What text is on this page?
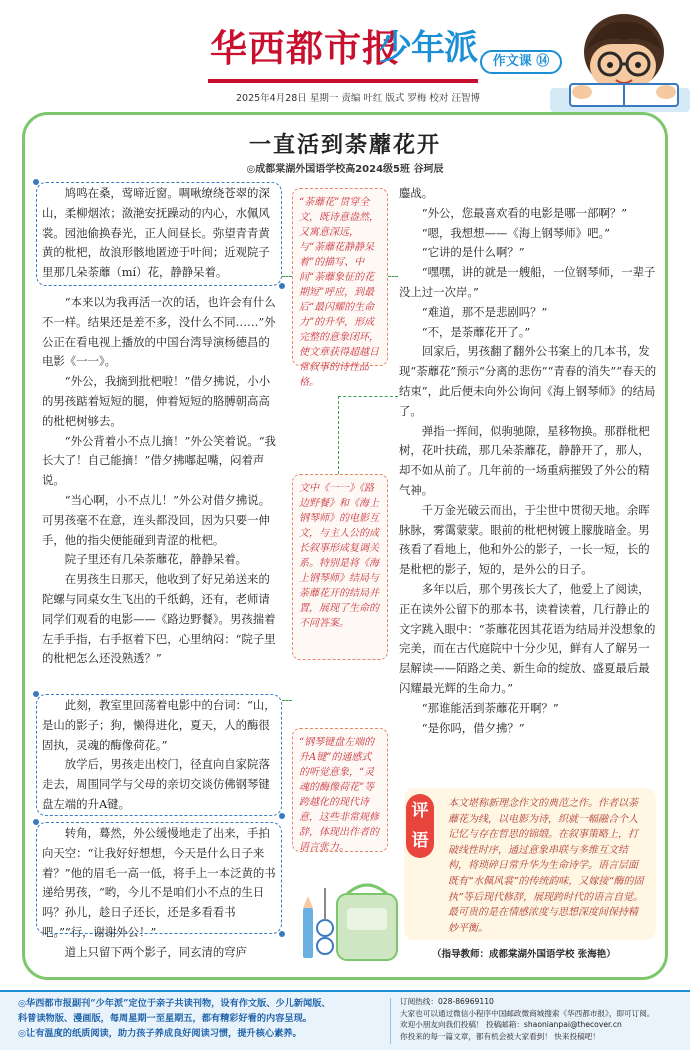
华西都市报
少年派	作文课 ⑭
2025年4月28日 星期一 责编 叶红 版式 罗梅 校对 汪智博
一直活到荼蘼花开
◎成都棠湖外国语学校高2024级5班 谷珂辰

鸠鸣在桑，莺啼近窗。啁啾缭绕苍翠的深山，柔柳烟浓；潋滟安抚躁动的内心，水佩风裳。园池偷换春光，正人间昼长。弥望青青黄黄的枇杷，故浪形骸地匿迹于叶间；近观院子里那几朵荼蘼（mí）花，静静呆着。

“本来以为我再活一次的话，也许会有什么不一样。结果还是差不多，没什么不同……”外公正在看电视上播放的中国台湾导演杨德昌的电影《一一》。

“外公，我摘到批杷啦！”借夕拂说，小小的男孩踮着短短的腿，伸着短短的胳膊朝高高的枇杷树够去。

“外公背着小不点儿摘！”外公笑着说。“我长大了！自己能摘！”借夕拂嘟起嘴，闷着声说。

“当心啊，小不点儿！”外公对借夕拂说。可男孩毫不在意，连头都没回，因为只要一伸手，他的指尖便能碰到青涩的枇杷。

院子里还有几朵荼蘼花，静静呆着。

在男孩生日那天，他收到了好兄弟送来的陀螺与同桌女生飞出的千纸鹤，还有，老师请同学们观看的电影——《路边野餐》。男孩揣着左手手指，右手抠着下巴，心里纳闷：“院子里的枇杷怎么还没熟透？”

此刻，教室里回荡着电影中的台词：“山，是山的影子；狗，懒得进化，夏天，人的酶很固执，灵魂的酶像荷花。”

放学后，男孩走出校门，径直向自家院落走去，周围同学与父母的亲切交谈仿佛钢琴键盘左端的升A键。

转角，蓦然，外公缓慢地走了出来，手拍向天空：“让我好好想想，今天是什么日子来着？”他的眉毛一高一低，将手上一本泛黄的书递给男孩，“哟，今儿不是咱们小不点的生日吗？孙儿，趁日子还长，还是多看看书吧。”“行，谢谢外公！”

道上只留下两个影子，同玄清的穹庐

“荼蘼花”贯穿全文，既诗意盎然，又寓意深远，与“荼蘼花静静呆着”的描写、中间“荼蘼象征的花期短”呼应，到最后“最闪耀的生命力”的升华，形成完整的意象闭环，使文章获得超越日常叙事的诗性品格。
文中《一一》《路边野餐》和《海上钢琴师》的电影互文，与主人公的成长叙事形成复调关系。特别是将《海上钢琴师》结局与荼蘼花开的结局并置，展现了生命的不同答案。
“钢琴键盘左端的升A键”的通感式的听觉意象，“灵魂的酶像荷花”等跨越化的现代诗意，这些非常规修辞，体现出作者的语言张力。

鏖战。

“外公，您最喜欢看的电影是哪一部啊？”

“嗯，我想想——《海上钢琴师》吧。”

“它讲的是什么啊？”

“嘿嘿，讲的就是一艘船，一位钢琴师，一辈子没上过一次岸。”

“难道，那不是悲剧吗？”

“不，是荼蘼花开了。”

回家后，男孩翻了翻外公书案上的几本书，发现“荼蘼花”预示“分离的悲伤”“青春的消失”“春天的结束”，此后便未向外公询问《海上钢琴师》的结局了。

弹指一挥间，似驹驰隙，星移物换。那群枇杷树，花叶扶疏，那几朵荼蘼花，静静开了，那人，却不如从前了。几年前的一场重病摧毁了外公的精气神。

千万金光破云而出，于尘世中贯彻天地。余晖脉脉，雾霭蒙蒙。眼前的枇杷树镀上朦胧暗金。男孩看了看地上，他和外公的影子，一长一短，长的是枇杷的影子，短的，是外公的日子。

多年以后，那个男孩长大了，他爱上了阅读，正在读外公留下的那本书，读着读着，几行静止的文字跳入眼中：“荼蘼花因其花语为结局并没想象的完美，而在古代庭院中十分少见，鲜有人了解另一层解读——陌路之美、新生命的绽放、盛夏最后最闪耀最光辉的生命力。”

“那谁能活到荼蘼花开啊？”

“是你吗，借夕拂？”

本文堪称新理念作文的典范之作。作者以荼蘼花为线，以电影为诗，织就一幅融合个人记忆与存在哲思的锦缎。在叙事策略上，打破线性时序，通过意象串联与多维互文结构，将琐碎日常升华为生命诗学。语言层面既有“水佩风裳”的传统韵味，又嫁接“酶的固执”等后现代修辞，展现跨时代的语言自觉。最可贵的是在情感浓度与思想深度间保持精妙平衡。
评语
（指导教师：成都棠湖外国语学校 张海艳）
◎华西都市报副刊“少年派”定位于亲子共读刊物，设有作文版、少儿新闻版、
科普读物版、漫画版，每周星期一至星期五，都有精彩好看的内容呈现。
◎让有温度的纸质阅读，助力孩子养成良好阅读习惯，提升核心素养。
订阅热线：028-86969110
大家也可以通过微信小程序中国邮政微商城搜索《华西都市报》，即可订阅。
欢迎小朋友向我们投稿！ 投稿邮箱：shaonianpai@thecover.cn
你投来的每一篇文章，都有机会被大家看到！ 快来投稿吧！
